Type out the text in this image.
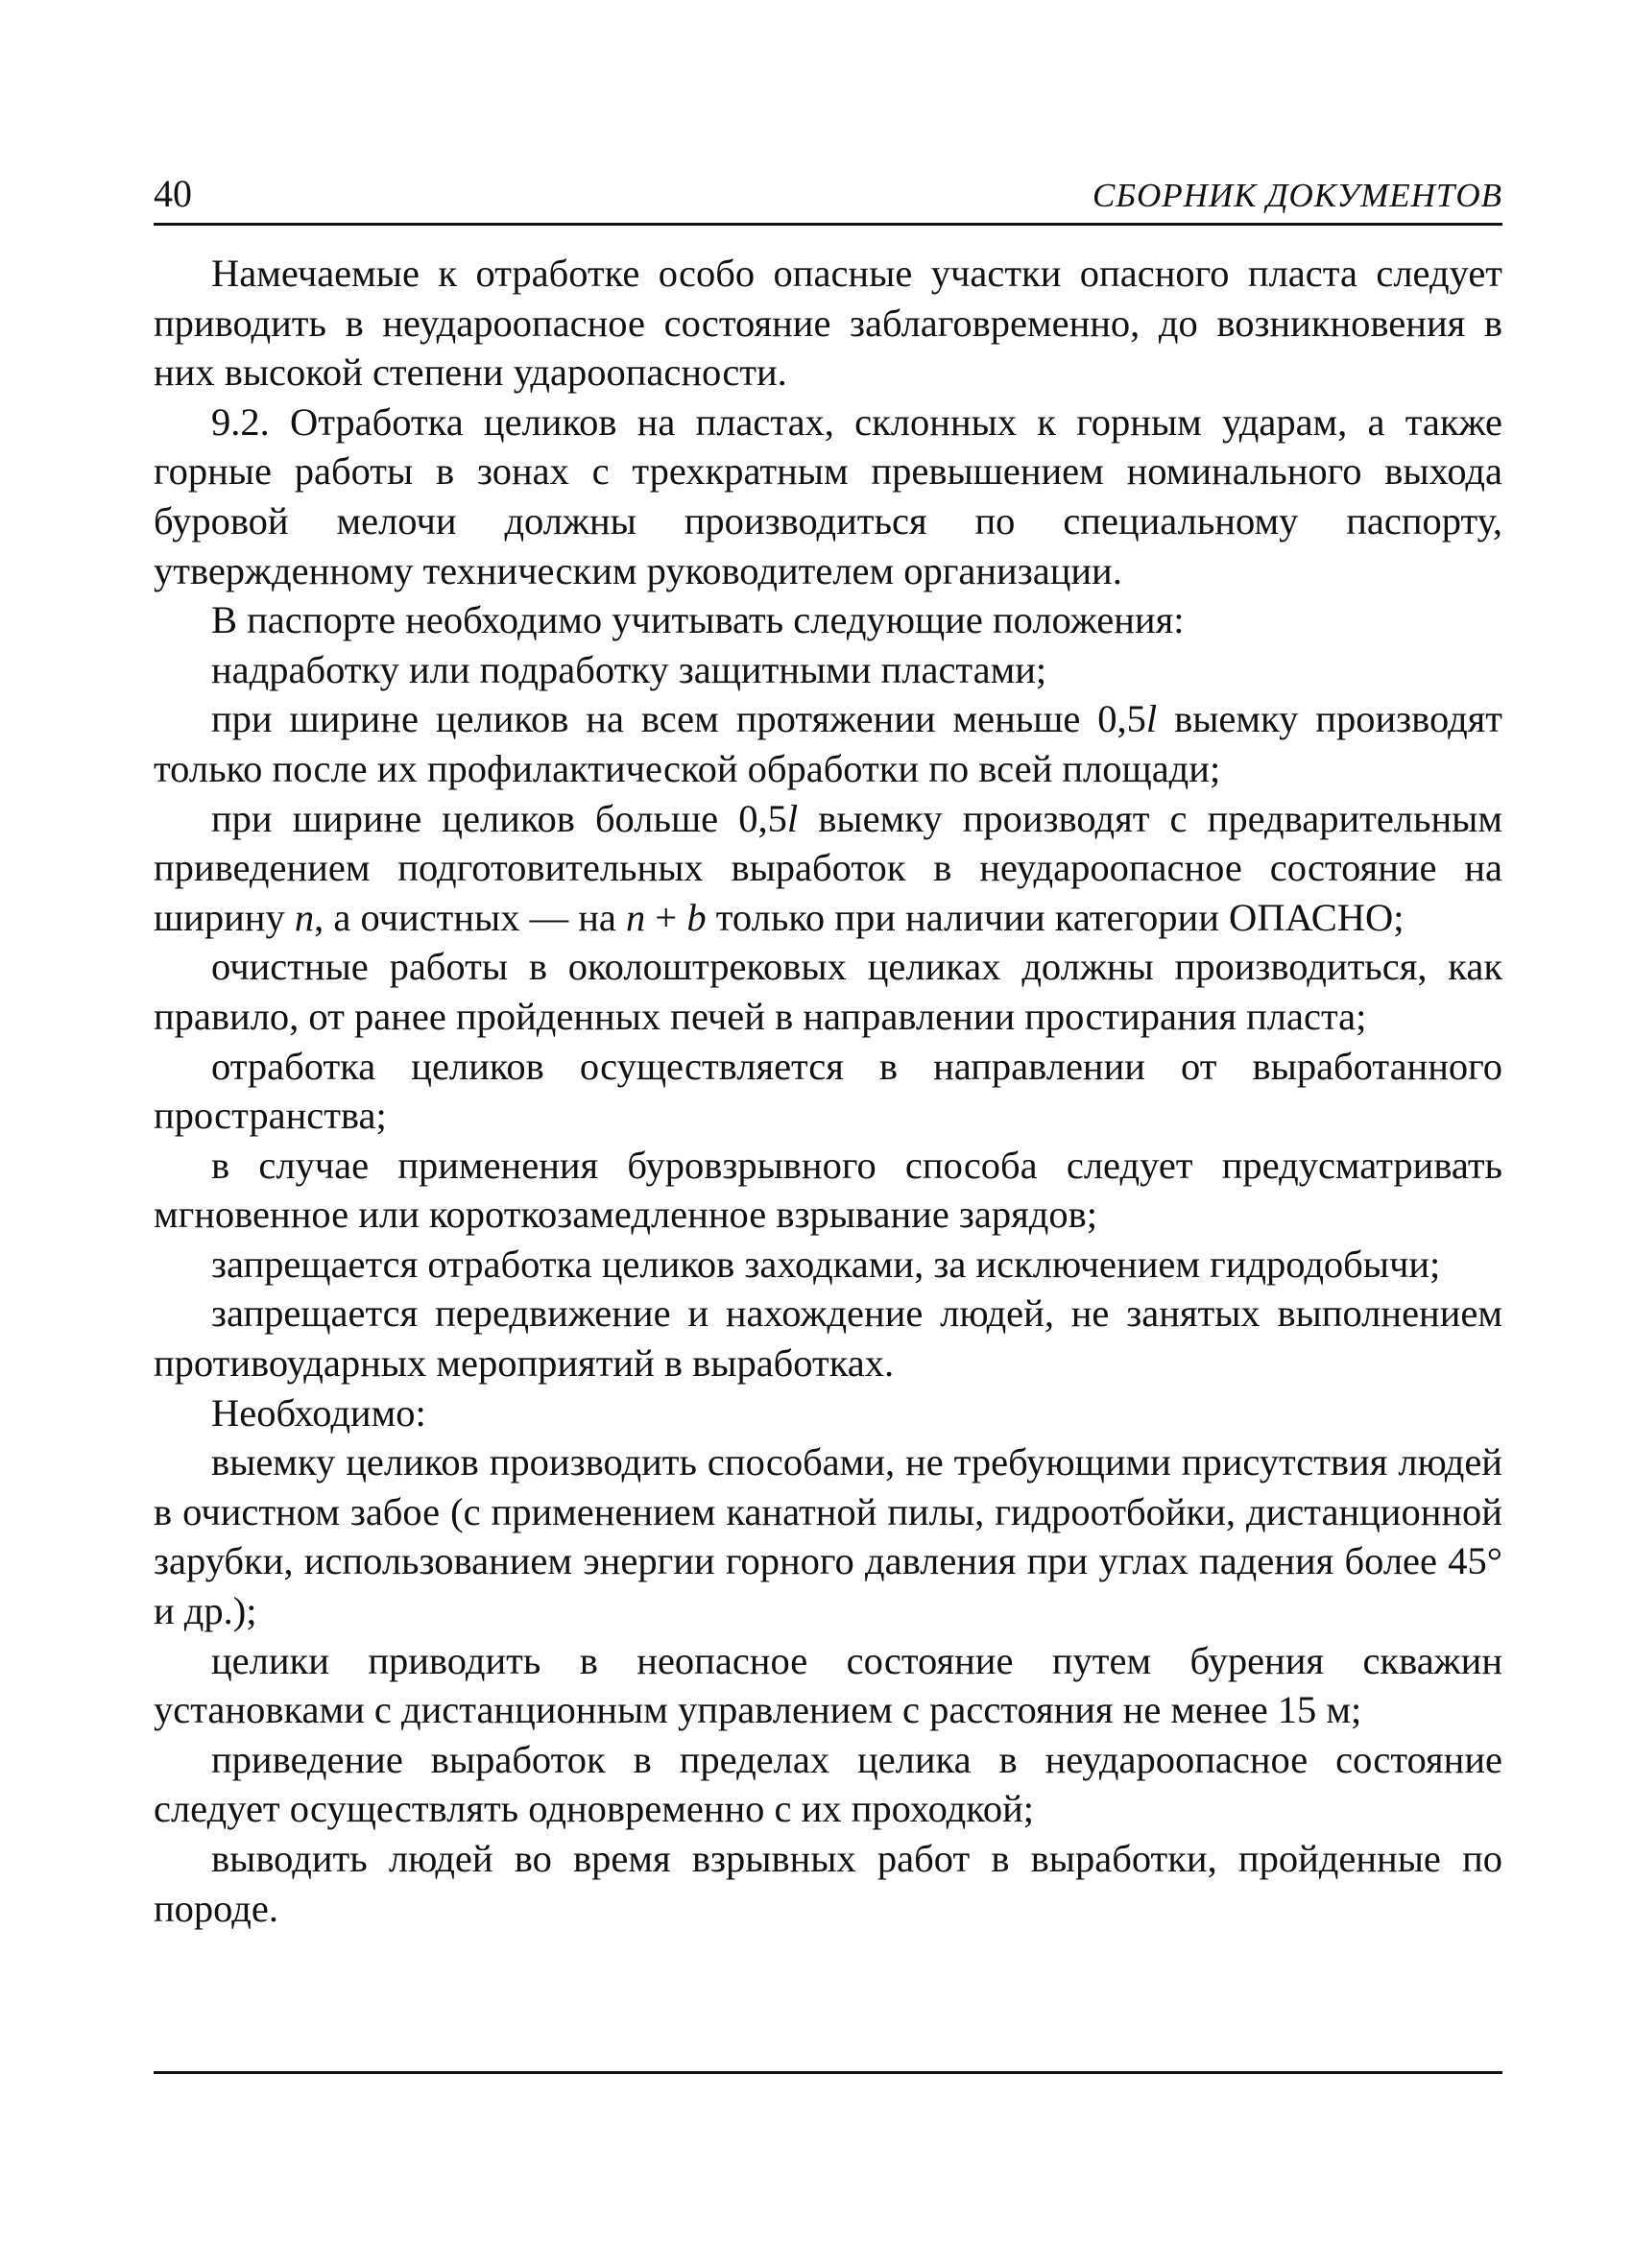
40	СБОРНИК ДОКУМЕНТОВ

Намечаемые к отработке особо опасные участки опасного пласта следует приводить в неудароопасное состояние заблаговременно, до возникновения в них высокой степени удароопасности.

9.2. Отработка целиков на пластах, склонных к горным ударам, а также горные работы в зонах с трехкратным превышением номинального выхода буровой мелочи должны производиться по специальному паспорту, утвержденному техническим руководителем организации.

В паспорте необходимо учитывать следующие положения:

надработку или подработку защитными пластами;

при ширине целиков на всем протяжении меньше 0,5l выемку производят только после их профилактической обработки по всей площади;

при ширине целиков больше 0,5l выемку производят с предварительным приведением подготовительных выработок в неудароопасное состояние на ширину n, а очистных — на n + b только при наличии категории ОПАСНО;

очистные работы в околоштрековых целиках должны производиться, как правило, от ранее пройденных печей в направлении простирания пласта;

отработка целиков осуществляется в направлении от выработанного пространства;

в случае применения буровзрывного способа следует предусматривать мгновенное или короткозамедленное взрывание зарядов;

запрещается отработка целиков заходками, за исключением гидродобычи;

запрещается передвижение и нахождение людей, не занятых выполнением противоударных мероприятий в выработках.

Необходимо:

выемку целиков производить способами, не требующими присутствия людей в очистном забое (с применением канатной пилы, гидроотбойки, дистанционной зарубки, использованием энергии горного давления при углах падения более 45° и др.);

целики приводить в неопасное состояние путем бурения скважин установками с дистанционным управлением с расстояния не менее 15 м;

приведение выработок в пределах целика в неудароопасное состояние следует осуществлять одновременно с их проходкой;

выводить людей во время взрывных работ в выработки, пройденные по породе.
